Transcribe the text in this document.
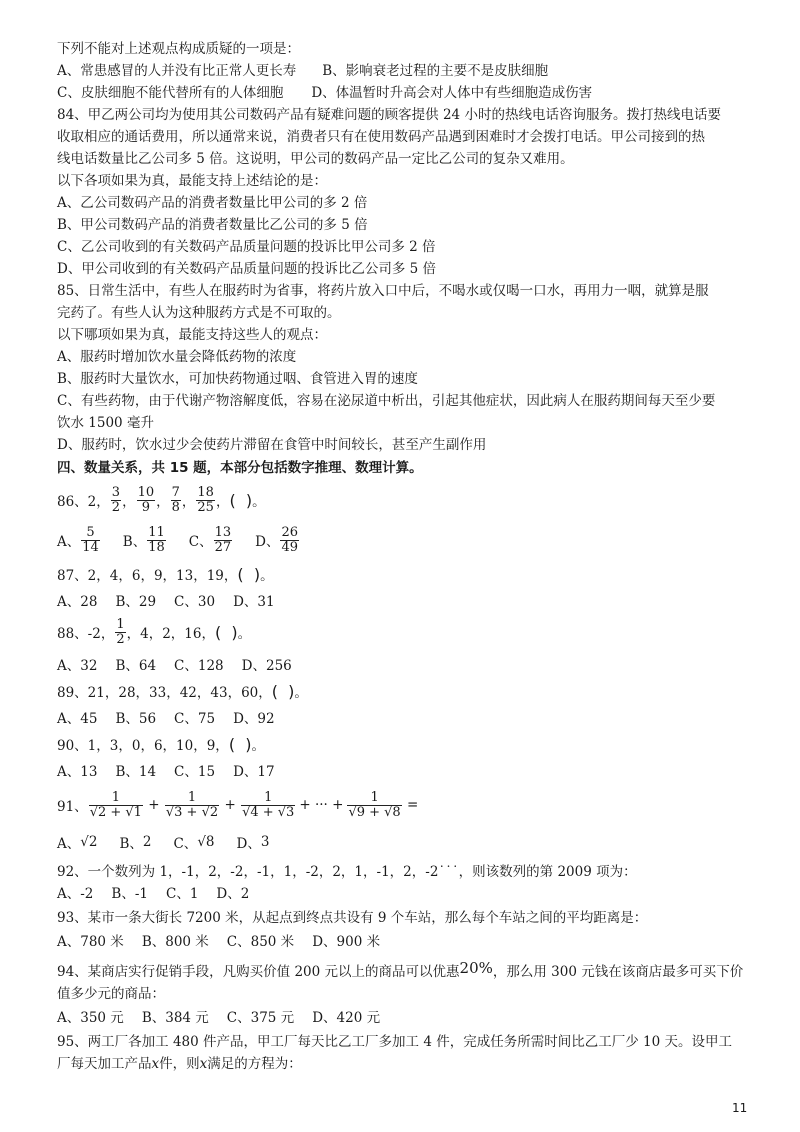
下列不能对上述观点构成质疑的一项是：
A、常患感冒的人并没有比正常人更长寿 B、影响衰老过程的主要不是皮肤细胞
C、皮肤细胞不能代替所有的人体细胞 D、体温暂时升高会对人体中有些细胞造成伤害
84、甲乙两公司均为使用其公司数码产品有疑难问题的顾客提供 24 小时的热线电话咨询服务。拨打热线电话要
收取相应的通话费用，所以通常来说，消费者只有在使用数码产品遇到困难时才会拨打电话。甲公司接到的热
线电话数量比乙公司多 5 倍。这说明，甲公司的数码产品一定比乙公司的复杂又难用。
以下各项如果为真，最能支持上述结论的是：
A、乙公司数码产品的消费者数量比甲公司的多 2 倍
B、甲公司数码产品的消费者数量比乙公司的多 5 倍
C、乙公司收到的有关数码产品质量问题的投诉比甲公司多 2 倍
D、甲公司收到的有关数码产品质量问题的投诉比乙公司多 5 倍
85、日常生活中，有些人在服药时为省事，将药片放入口中后，不喝水或仅喝一口水，再用力一咽，就算是服
完药了。有些人认为这种服药方式是不可取的。
以下哪项如果为真，最能支持这些人的观点：
A、服药时增加饮水量会降低药物的浓度
B、服药时大量饮水，可加快药物通过咽、食管进入胃的速度
C、有些药物，由于代谢产物溶解度低，容易在泌尿道中析出，引起其他症状，因此病人在服药期间每天至少要
饮水 1500 毫升
D、服药时，饮水过少会使药片滞留在食管中时间较长，甚至产生副作用
四、数量关系，共 15 题，本部分包括数字推理、数理计算。
86、2， $\frac{3}{2}$ ， $\frac{10}{9}$ ， $\frac{7}{8}$ ， $\frac{18}{25}$ ， (  ) 。
A、 $\frac{5}{14}$ B、 $\frac{11}{18}$ C、 $\frac{13}{27}$ D、 $\frac{26}{49}$
87、2，4，6，9，13，19，(  )。
A、28 B、29 C、30 D、31
88、-2， $\frac{1}{2}$ ，4，2，16， (  ) 。
A、32 B、64 C、128 D、256
89、21，28，33，42，43，60，(  )。
A、45 B、56 C、75 D、92
90、1，3，0，6，10，9，(  )。
A、13 B、14 C、15 D、17
91、 $\frac{1}{√2 + √1} + \frac{1}{√3 + √2} + \frac{1}{√4 + √3}$ + ··· + $\frac{1}{√9 + √8}$
=
A、 √2 B、 2 C、 √8 D、 3
92、一个数列为 1，-1，2，-2，-1，1，-2，2，1，-1，2，-2˙˙˙，则该数列的第 2009 项为：
A、-2 B、-1 C、1 D、2
93、某市一条大街长 7200 米，从起点到终点共设有 9 个车站，那么每个车站之间的平均距离是：
A、780 米 B、800 米 C、850 米 D、900 米
94、某商店实行促销手段，凡购买价值 200 元以上的商品可以优惠20%，那么用 300 元钱在该商店最多可买下价
值多少元的商品：
A、350 元 B、384 元 C、375 元 D、420 元
95、两工厂各加工 480 件产品，甲工厂每天比乙工厂多加工 4 件，完成任务所需时间比乙工厂少 10 天。设甲工
厂每天加工产品x件，则x满足的方程为：
11
